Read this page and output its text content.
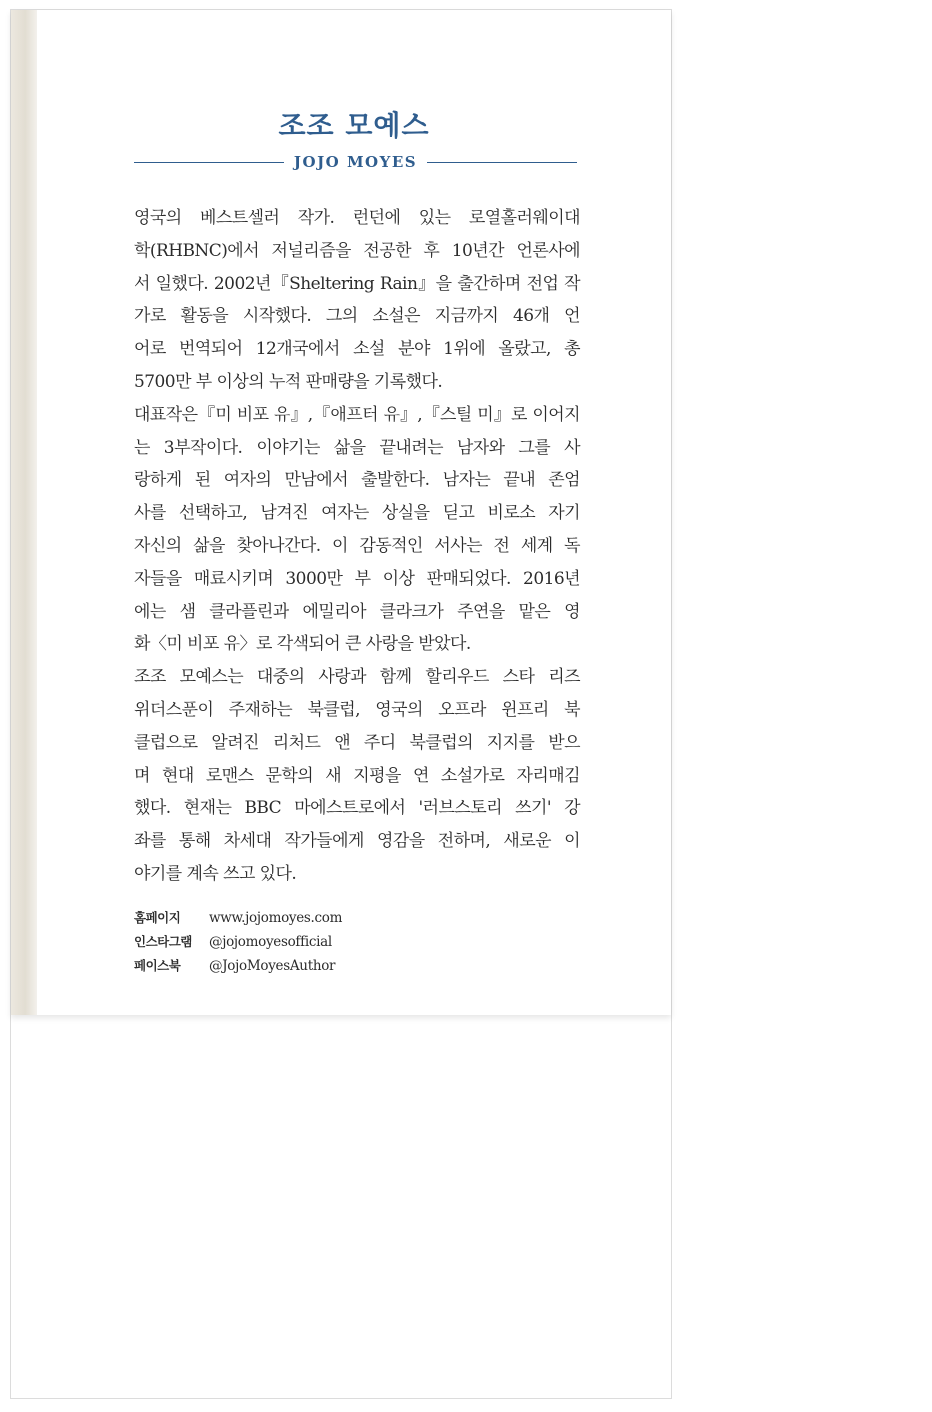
조조 모예스
JOJO MOYES
영국의 베스트셀러 작가. 런던에 있는 로열홀러웨이대
학(RHBNC)에서 저널리즘을 전공한 후 10년간 언론사에
서 일했다. 2002년『Sheltering Rain』을 출간하며 전업 작
가로 활동을 시작했다. 그의 소설은 지금까지 46개 언
어로 번역되어 12개국에서 소설 분야 1위에 올랐고, 총
5700만 부 이상의 누적 판매량을 기록했다.
대표작은『미 비포 유』,『애프터 유』,『스틸 미』로 이어지
는 3부작이다. 이야기는 삶을 끝내려는 남자와 그를 사
랑하게 된 여자의 만남에서 출발한다. 남자는 끝내 존엄
사를 선택하고, 남겨진 여자는 상실을 딛고 비로소 자기
자신의 삶을 찾아나간다. 이 감동적인 서사는 전 세계 독
자들을 매료시키며 3000만 부 이상 판매되었다. 2016년
에는 샘 클라플린과 에밀리아 클라크가 주연을 맡은 영
화〈미 비포 유〉로 각색되어 큰 사랑을 받았다.
조조 모예스는 대중의 사랑과 함께 할리우드 스타 리즈
위더스푼이 주재하는 북클럽, 영국의 오프라 윈프리 북
클럽으로 알려진 리처드 앤 주디 북클럽의 지지를 받으
며 현대 로맨스 문학의 새 지평을 연 소설가로 자리매김
했다. 현재는 BBC 마에스트로에서 '러브스토리 쓰기' 강
좌를 통해 차세대 작가들에게 영감을 전하며, 새로운 이
야기를 계속 쓰고 있다.
홈페이지	www.jojomoyes.com
인스타그램	@jojomoyesofficial
페이스북	@JojoMoyesAuthor
